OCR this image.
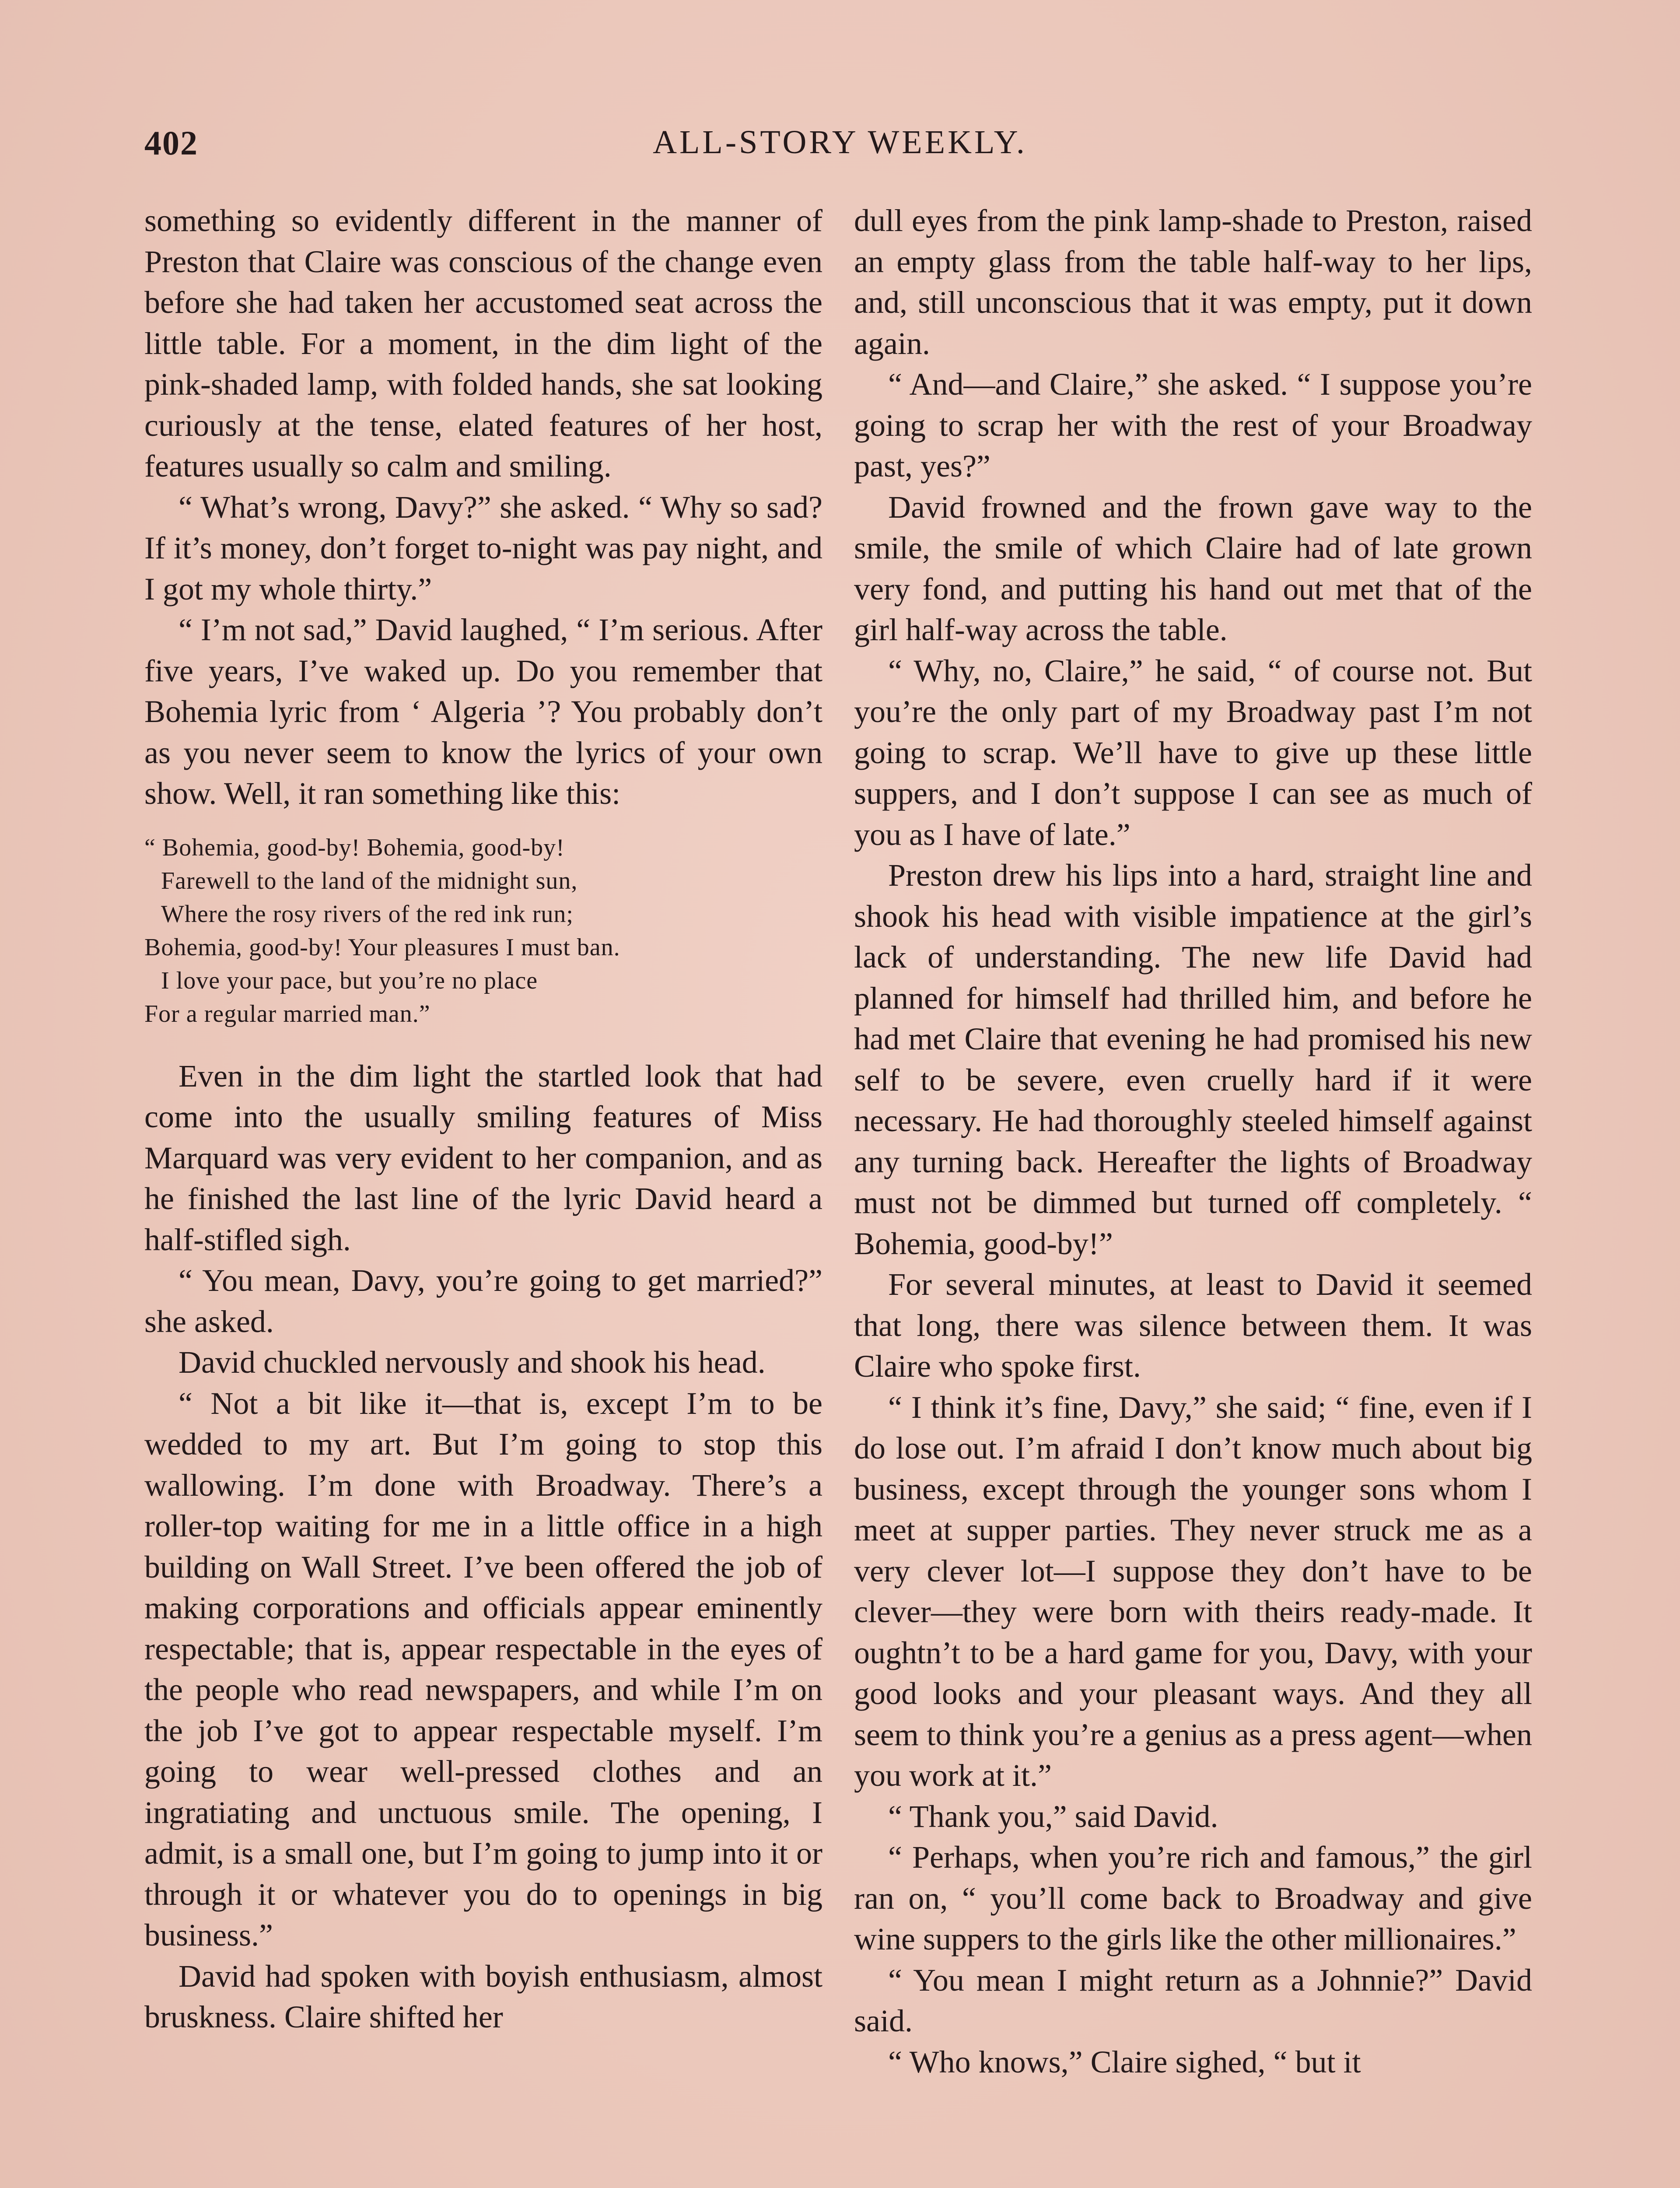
402	ALL-STORY WEEKLY.

something so evidently different in the manner of Preston that Claire was conscious of the change even before she had taken her accustomed seat across the little table. For a moment, in the dim light of the pink-shaded lamp, with folded hands, she sat looking curiously at the tense, elated features of her host, features usually so calm and smiling.

“ What’s wrong, Davy?” she asked. “ Why so sad? If it’s money, don’t forget to-night was pay night, and I got my whole thirty.”

“ I’m not sad,” David laughed, “ I’m serious. After five years, I’ve waked up. Do you remember that Bohemia lyric from ‘ Algeria ’? You probably don’t as you never seem to know the lyrics of your own show. Well, it ran something like this:

“ Bohemia, good-by! Bohemia, good-by!
Farewell to the land of the midnight sun,
Where the rosy rivers of the red ink run;
Bohemia, good-by! Your pleasures I must ban.
I love your pace, but you’re no place
For a regular married man.”

Even in the dim light the startled look that had come into the usually smiling features of Miss Marquard was very evident to her companion, and as he finished the last line of the lyric David heard a half-stifled sigh.

“ You mean, Davy, you’re going to get married?” she asked.

David chuckled nervously and shook his head.

“ Not a bit like it—that is, except I’m to be wedded to my art. But I’m going to stop this wallowing. I’m done with Broadway. There’s a roller-top waiting for me in a little office in a high building on Wall Street. I’ve been offered the job of making corporations and officials appear eminently respectable; that is, appear respectable in the eyes of the people who read newspapers, and while I’m on the job I’ve got to appear respectable myself. I’m going to wear well-pressed clothes and an ingratiating and unctuous smile. The opening, I admit, is a small one, but I’m going to jump into it or through it or whatever you do to openings in big business.”

David had spoken with boyish enthusiasm, almost bruskness. Claire shifted her

dull eyes from the pink lamp-shade to Preston, raised an empty glass from the table half-way to her lips, and, still unconscious that it was empty, put it down again.

“ And—and Claire,” she asked. “ I suppose you’re going to scrap her with the rest of your Broadway past, yes?”

David frowned and the frown gave way to the smile, the smile of which Claire had of late grown very fond, and putting his hand out met that of the girl half-way across the table.

“ Why, no, Claire,” he said, “ of course not. But you’re the only part of my Broadway past I’m not going to scrap. We’ll have to give up these little suppers, and I don’t suppose I can see as much of you as I have of late.”

Preston drew his lips into a hard, straight line and shook his head with visible impatience at the girl’s lack of understanding. The new life David had planned for himself had thrilled him, and before he had met Claire that evening he had promised his new self to be severe, even cruelly hard if it were necessary. He had thoroughly steeled himself against any turning back. Hereafter the lights of Broadway must not be dimmed but turned off completely. “ Bohemia, good-by!”

For several minutes, at least to David it seemed that long, there was silence between them. It was Claire who spoke first.

“ I think it’s fine, Davy,” she said; “ fine, even if I do lose out. I’m afraid I don’t know much about big business, except through the younger sons whom I meet at supper parties. They never struck me as a very clever lot—I suppose they don’t have to be clever—they were born with theirs ready-made. It oughtn’t to be a hard game for you, Davy, with your good looks and your pleasant ways. And they all seem to think you’re a genius as a press agent—when you work at it.”

“ Thank you,” said David.

“ Perhaps, when you’re rich and famous,” the girl ran on, “ you’ll come back to Broadway and give wine suppers to the girls like the other millionaires.”

“ You mean I might return as a Johnnie?” David said.

“ Who knows,” Claire sighed, “ but it
